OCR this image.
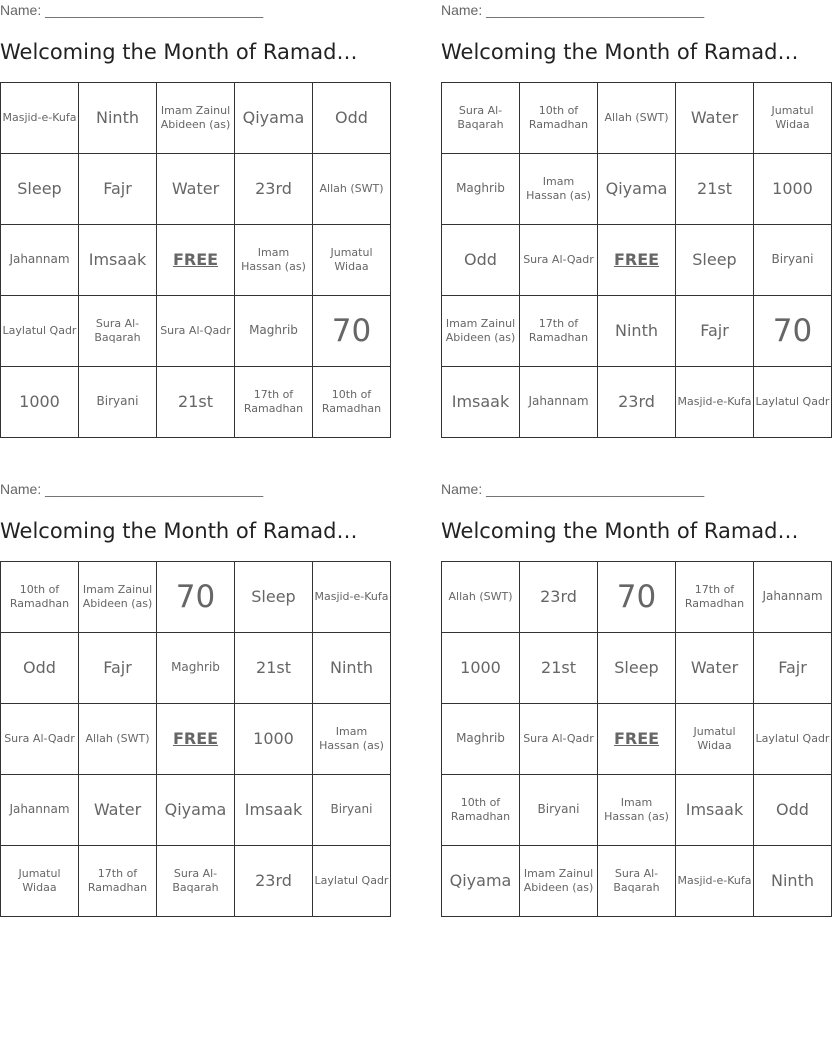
Name: ____________________________
Welcoming the Month of Ramad…
Masjid-e-Kufa	Ninth	Imam Zainul Abideen (as)	Qiyama	Odd
Sleep	Fajr	Water	23rd	Allah (SWT)
Jahannam	Imsaak	FREE	Imam Hassan (as)	Jumatul Widaa
Laylatul Qadr	Sura Al-Baqarah	Sura Al-Qadr	Maghrib	70
1000	Biryani	21st	17th of Ramadhan	10th of Ramadhan
Name: ____________________________
Welcoming the Month of Ramad…
Sura Al-Baqarah	10th of Ramadhan	Allah (SWT)	Water	Jumatul Widaa
Maghrib	Imam Hassan (as)	Qiyama	21st	1000
Odd	Sura Al-Qadr	FREE	Sleep	Biryani
Imam Zainul Abideen (as)	17th of Ramadhan	Ninth	Fajr	70
Imsaak	Jahannam	23rd	Masjid-e-Kufa	Laylatul Qadr
Name: ____________________________
Welcoming the Month of Ramad…
10th of Ramadhan	Imam Zainul Abideen (as)	70	Sleep	Masjid-e-Kufa
Odd	Fajr	Maghrib	21st	Ninth
Sura Al-Qadr	Allah (SWT)	FREE	1000	Imam Hassan (as)
Jahannam	Water	Qiyama	Imsaak	Biryani
Jumatul Widaa	17th of Ramadhan	Sura Al-Baqarah	23rd	Laylatul Qadr
Name: ____________________________
Welcoming the Month of Ramad…
Allah (SWT)	23rd	70	17th of Ramadhan	Jahannam
1000	21st	Sleep	Water	Fajr
Maghrib	Sura Al-Qadr	FREE	Jumatul Widaa	Laylatul Qadr
10th of Ramadhan	Biryani	Imam Hassan (as)	Imsaak	Odd
Qiyama	Imam Zainul Abideen (as)	Sura Al-Baqarah	Masjid-e-Kufa	Ninth
